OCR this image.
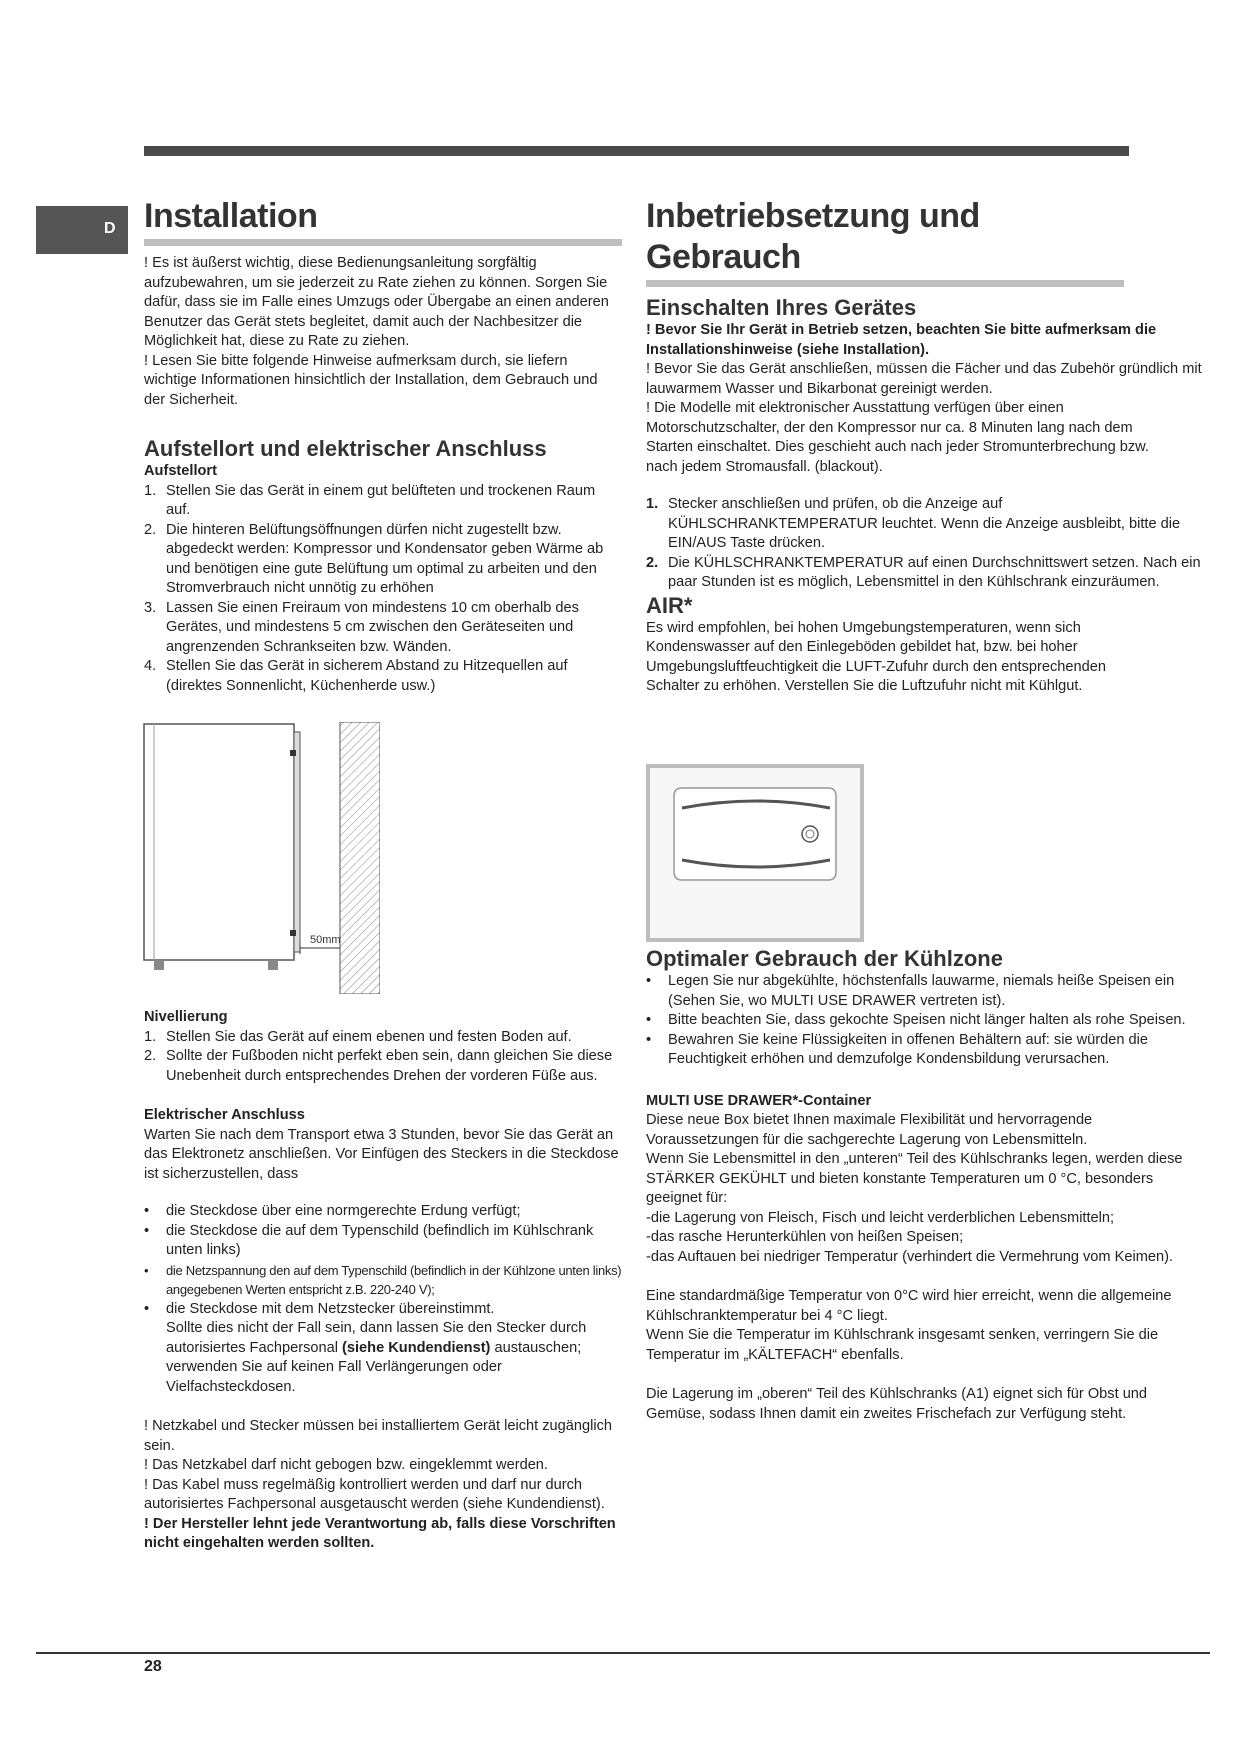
D Installation

! Es ist äußerst wichtig, diese Bedienungsanleitung sorgfältig aufzubewahren, um sie jederzeit zu Rate ziehen zu können. Sorgen Sie dafür, dass sie im Falle eines Umzugs oder Übergabe an einen anderen Benutzer das Gerät stets begleitet, damit auch der Nachbesitzer die Möglichkeit hat, diese zu Rate zu ziehen.

! Lesen Sie bitte folgende Hinweise aufmerksam durch, sie liefern wichtige Informationen hinsichtlich der Installation, dem Gebrauch und der Sicherheit.

Aufstellort und elektrischer Anschluss

Aufstellort

1. Stellen Sie das Gerät in einem gut belüfteten und trockenen Raum auf.
2. Die hinteren Belüftungsöffnungen dürfen nicht zugestellt bzw. abgedeckt werden: Kompressor und Kondensator geben Wärme ab und benötigen eine gute Belüftung um optimal zu arbeiten und den Stromverbrauch nicht unnötig zu erhöhen
3. Lassen Sie einen Freiraum von mindestens 10 cm oberhalb des Gerätes, und mindestens 5 cm zwischen den Geräteseiten und angrenzenden Schrankseiten bzw. Wänden.
4. Stellen Sie das Gerät in sicherem Abstand zu Hitzequellen auf (direktes Sonnenlicht, Küchenherde usw.)
50mm

Nivellierung

1. Stellen Sie das Gerät auf einem ebenen und festen Boden auf.
2. Sollte der Fußboden nicht perfekt eben sein, dann gleichen Sie diese Unebenheit durch entsprechendes Drehen der vorderen Füße aus.

Elektrischer Anschluss

Warten Sie nach dem Transport etwa 3 Stunden, bevor Sie das Gerät an das Elektronetz anschließen. Vor Einfügen des Steckers in die Steckdose ist sicherzustellen, dass

• die Steckdose über eine normgerechte Erdung verfügt;
• die Steckdose die auf dem Typenschild (befindlich im Kühlschrank unten links)
• die Netzspannung den auf dem Typenschild (befindlich in der Kühlzone unten links) angegebenen Werten entspricht z.B. 220-240 V);
• die Steckdose mit dem Netzstecker übereinstimmt.

Sollte dies nicht der Fall sein, dann lassen Sie den Stecker durch autorisiertes Fachpersonal (siehe Kundendienst) austauschen; verwenden Sie auf keinen Fall Verlängerungen oder Vielfachsteckdosen.

! Netzkabel und Stecker müssen bei installiertem Gerät leicht zugänglich sein.

! Das Netzkabel darf nicht gebogen bzw. eingeklemmt werden.

! Das Kabel muss regelmäßig kontrolliert werden und darf nur durch autorisiertes Fachpersonal ausgetauscht werden (siehe Kundendienst).

! Der Hersteller lehnt jede Verantwortung ab, falls diese Vorschriften nicht eingehalten werden sollten.

Inbetriebsetzung und
Gebrauch

Einschalten Ihres Gerätes

! Bevor Sie Ihr Gerät in Betrieb setzen, beachten Sie bitte aufmerksam die Installationshinweise (siehe Installation).

! Bevor Sie das Gerät anschließen, müssen die Fächer und das Zubehör gründlich mit lauwarmem Wasser und Bikarbonat gereinigt werden.

! Die Modelle mit elektronischer Ausstattung verfügen über einen Motorschutzschalter, der den Kompressor nur ca. 8 Minuten lang nach dem Starten einschaltet. Dies geschieht auch nach jeder Stromunterbrechung bzw. nach jedem Stromausfall. (blackout).

1. Stecker anschließen und prüfen, ob die Anzeige auf KÜHLSCHRANKTEMPERATUR leuchtet. Wenn die Anzeige ausbleibt, bitte die EIN/AUS Taste drücken.
2. Die KÜHLSCHRANKTEMPERATUR auf einen Durchschnittswert setzen. Nach ein paar Stunden ist es möglich, Lebensmittel in den Kühlschrank einzuräumen.

AIR*

Es wird empfohlen, bei hohen Umgebungstemperaturen, wenn sich Kondenswasser auf den Einlegeböden gebildet hat, bzw. bei hoher Umgebungsluftfeuchtigkeit die LUFT-Zufuhr durch den entsprechenden Schalter zu erhöhen. Verstellen Sie die Luftzufuhr nicht mit Kühlgut.

Optimaler Gebrauch der Kühlzone

• Legen Sie nur abgekühlte, höchstenfalls lauwarme, niemals heiße Speisen ein (Sehen Sie, wo MULTI USE DRAWER vertreten ist).
• Bitte beachten Sie, dass gekochte Speisen nicht länger halten als rohe Speisen.
• Bewahren Sie keine Flüssigkeiten in offenen Behältern auf: sie würden die Feuchtigkeit erhöhen und demzufolge Kondensbildung verursachen.

MULTI USE DRAWER*-Container

Diese neue Box bietet Ihnen maximale Flexibilität und hervorragende Voraussetzungen für die sachgerechte Lagerung von Lebensmitteln.

Wenn Sie Lebensmittel in den „unteren“ Teil des Kühlschranks legen, werden diese STÄRKER GEKÜHLT und bieten konstante Temperaturen um 0 °C, besonders geeignet für:

-die Lagerung von Fleisch, Fisch und leicht verderblichen Lebensmitteln;

-das rasche Herunterkühlen von heißen Speisen;

-das Auftauen bei niedriger Temperatur (verhindert die Vermehrung vom Keimen).

Eine standardmäßige Temperatur von 0°C wird hier erreicht, wenn die allgemeine Kühlschranktemperatur bei 4 °C liegt.

Wenn Sie die Temperatur im Kühlschrank insgesamt senken, verringern Sie die Temperatur im „KÄLTEFACH“ ebenfalls.

Die Lagerung im „oberen“ Teil des Kühlschranks (A1) eignet sich für Obst und Gemüse, sodass Ihnen damit ein zweites Frischefach zur Verfügung steht.

28
